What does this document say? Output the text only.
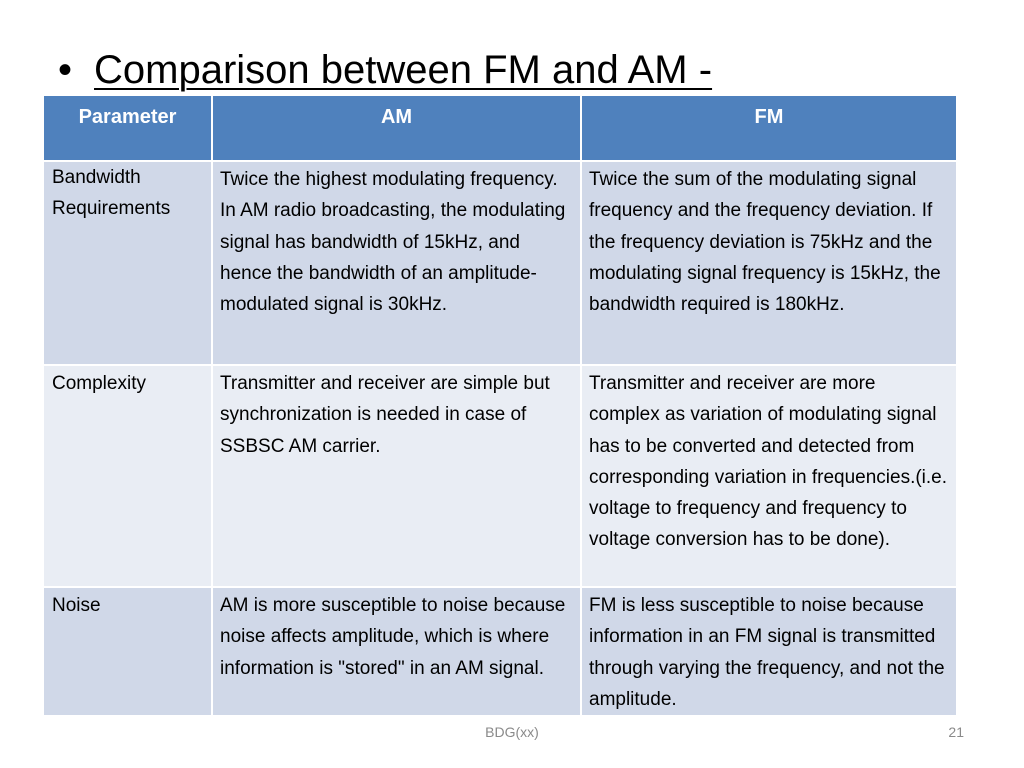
• Comparison between FM and AM -
Parameter	AM	FM
Bandwidth Requirements	Twice the highest modulating frequency. In AM radio broadcasting, the modulating signal has bandwidth of 15kHz, and hence the bandwidth of an amplitude-modulated signal is 30kHz.	Twice the sum of the modulating signal frequency and the frequency deviation. If the frequency deviation is 75kHz and the modulating signal frequency is 15kHz, the bandwidth required is 180kHz.
Complexity	Transmitter and receiver are simple but synchronization is needed in case of SSBSC AM carrier.	Transmitter and receiver are more complex as variation of modulating signal has to be converted and detected from corresponding variation in frequencies.(i.e. voltage to frequency and frequency to voltage conversion has to be done).
Noise	AM is more susceptible to noise because noise affects amplitude, which is where information is "stored" in an AM signal.	FM is less susceptible to noise because information in an FM signal is transmitted through varying the frequency, and not the amplitude.
BDG(xx)	21
